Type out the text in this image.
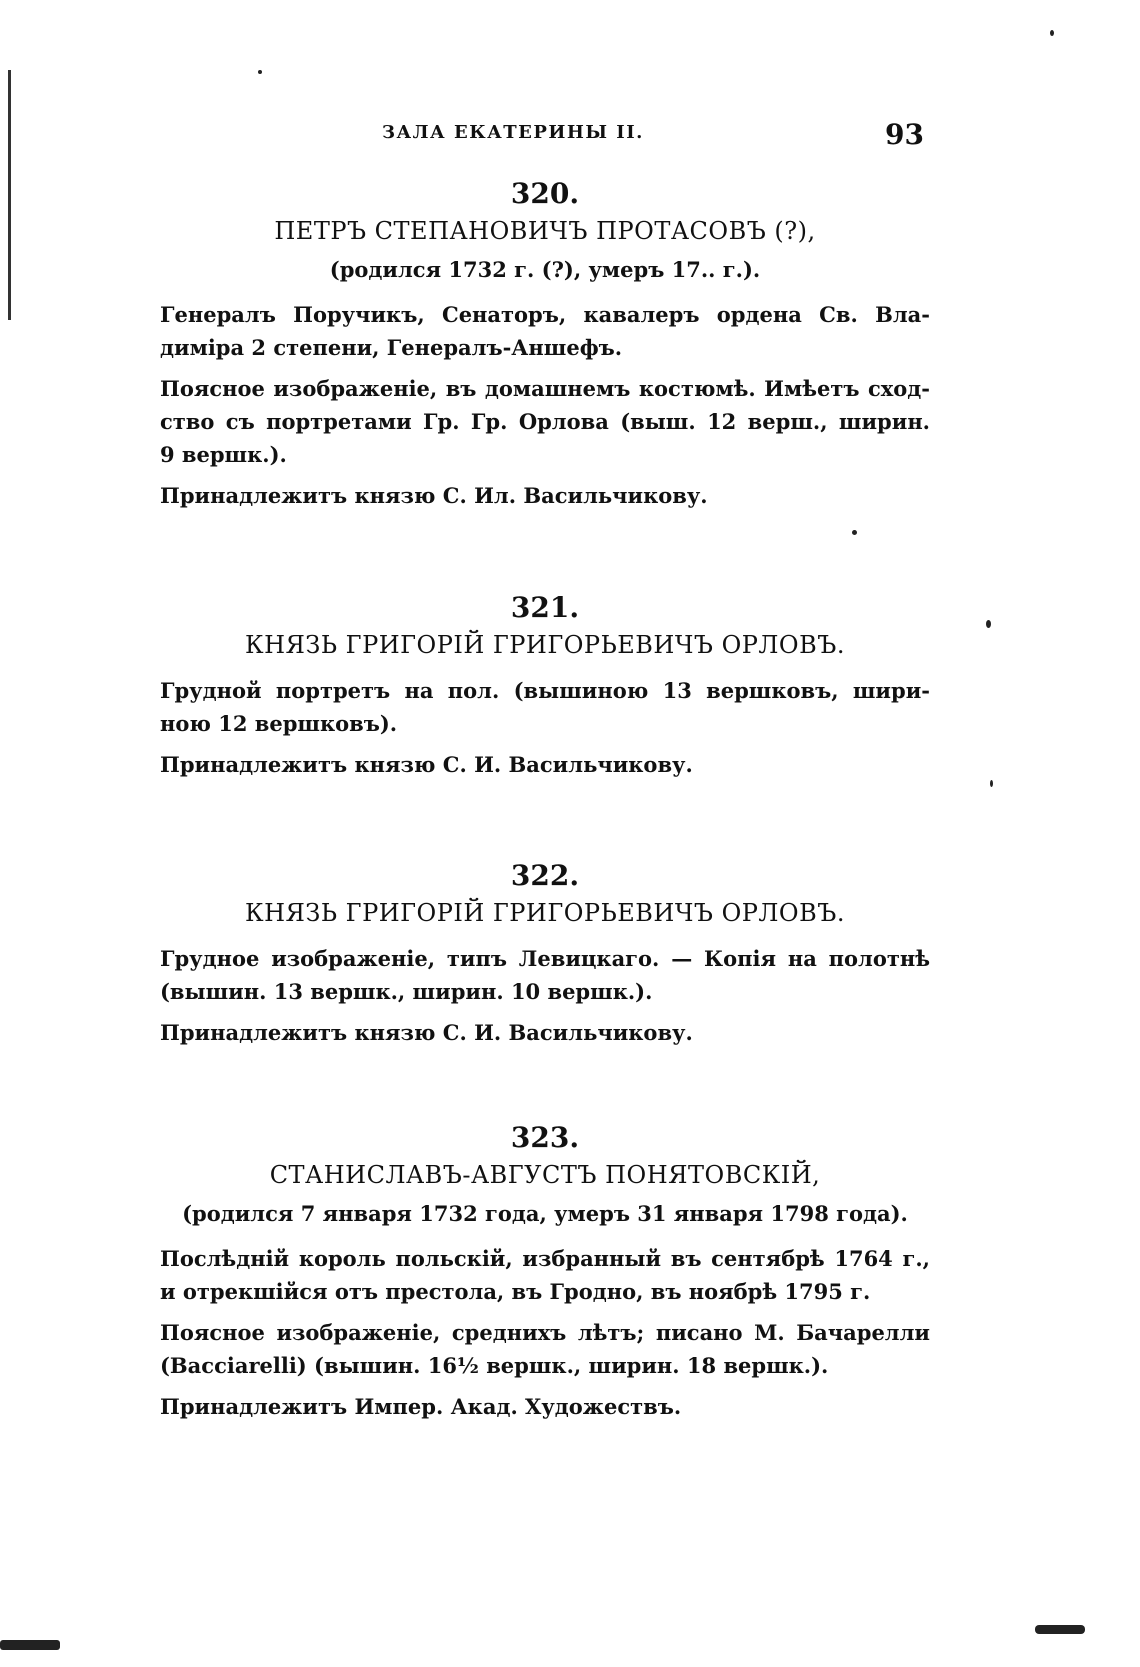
ЗАЛА ЕКАТЕРИНЫ II.	93
320.
ПЕТРЪ СТЕПАНОВИЧЪ ПРОТАСОВЪ (?),
(родился 1732 г. (?), умеръ 17.. г.).
Генералъ Поручикъ, Сенаторъ, кавалеръ ордена Св. Вла-
диміра 2 степени, Генералъ-Аншефъ.
Поясное изображеніе, въ домашнемъ костюмѣ. Имѣетъ сход-
ство съ портретами Гр. Гр. Орлова (выш. 12 верш., ширин.
9 вершк.).
Принадлежитъ князю С. Ил. Васильчикову.
321.
КНЯЗЬ ГРИГОРІЙ ГРИГОРЬЕВИЧЪ ОРЛОВЪ.
Грудной портретъ на пол. (вышиною 13 вершковъ, шири-
ною 12 вершковъ).
Принадлежитъ князю С. И. Васильчикову.
322.
КНЯЗЬ ГРИГОРІЙ ГРИГОРЬЕВИЧЪ ОРЛОВЪ.
Грудное изображеніе, типъ Левицкаго. — Копія на полотнѣ
(вышин. 13 вершк., ширин. 10 вершк.).
Принадлежитъ князю С. И. Васильчикову.
323.
СТАНИСЛАВЪ-АВГУСТЪ ПОНЯТОВСКІЙ,
(родился 7 января 1732 года, умеръ 31 января 1798 года).
Послѣдній король польскій, избранный въ сентябрѣ 1764 г.,
и отрекшійся отъ престола, въ Гродно, въ ноябрѣ 1795 г.
Поясное изображеніе, среднихъ лѣтъ; писано М. Бачарелли
(Bacciarelli) (вышин. 16½ вершк., ширин. 18 вершк.).
Принадлежитъ Импер. Акад. Художествъ.
